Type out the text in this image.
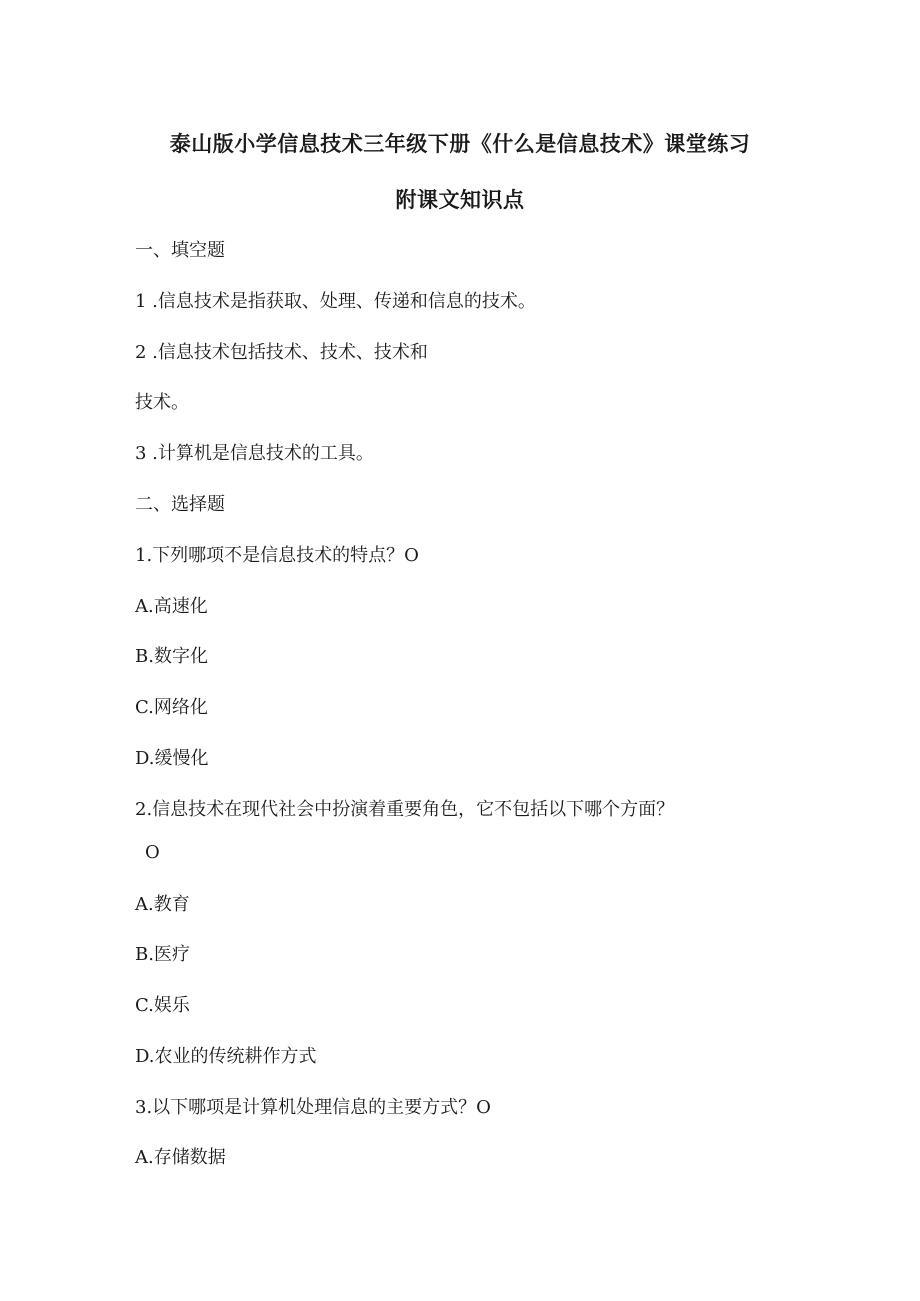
泰山版小学信息技术三年级下册《什么是信息技术》课堂练习
附课文知识点
一、填空题
1 .信息技术是指获取、处理、传递和信息的技术。
2 .信息技术包括技术、技术、技术和
技术。
3 .计算机是信息技术的工具。
二、选择题
1.下列哪项不是信息技术的特点？O
A.高速化
B.数字化
C.网络化
D.缓慢化
2.信息技术在现代社会中扮演着重要角色，它不包括以下哪个方面？
O
A.教育
B.医疗
C.娱乐
D.农业的传统耕作方式
3.以下哪项是计算机处理信息的主要方式？O
A.存储数据
